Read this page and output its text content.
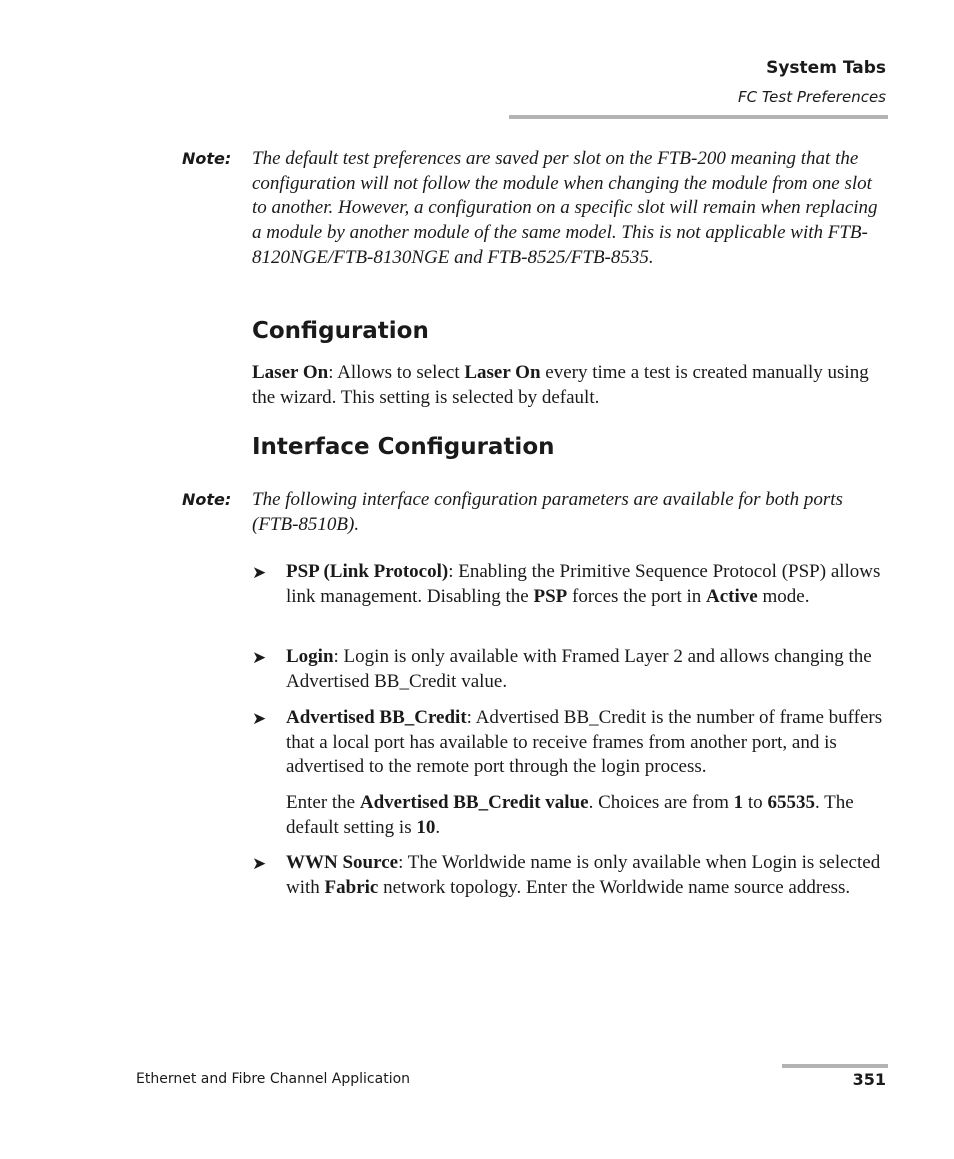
System Tabs
FC Test Preferences
Note: The default test preferences are saved per slot on the FTB-200 meaning that the configuration will not follow the module when changing the module from one slot to another. However, a configuration on a specific slot will remain when replacing a module by another module of the same model. This is not applicable with FTB-8120NGE/FTB-8130NGE and FTB-8525/FTB-8535.
Configuration
Laser On: Allows to select Laser On every time a test is created manually using the wizard. This setting is selected by default.
Interface Configuration
Note: The following interface configuration parameters are available for both ports (FTB-8510B).
➤ PSP (Link Protocol): Enabling the Primitive Sequence Protocol (PSP) allows link management. Disabling the PSP forces the port in Active mode.
➤ Login: Login is only available with Framed Layer 2 and allows changing the Advertised BB_Credit value.
➤ Advertised BB_Credit: Advertised BB_Credit is the number of frame buffers that a local port has available to receive frames from another port, and is advertised to the remote port through the login process.
Enter the Advertised BB_Credit value. Choices are from 1 to 65535. The default setting is 10.
➤ WWN Source: The Worldwide name is only available when Login is selected with Fabric network topology. Enter the Worldwide name source address.
Ethernet and Fibre Channel Application	351
